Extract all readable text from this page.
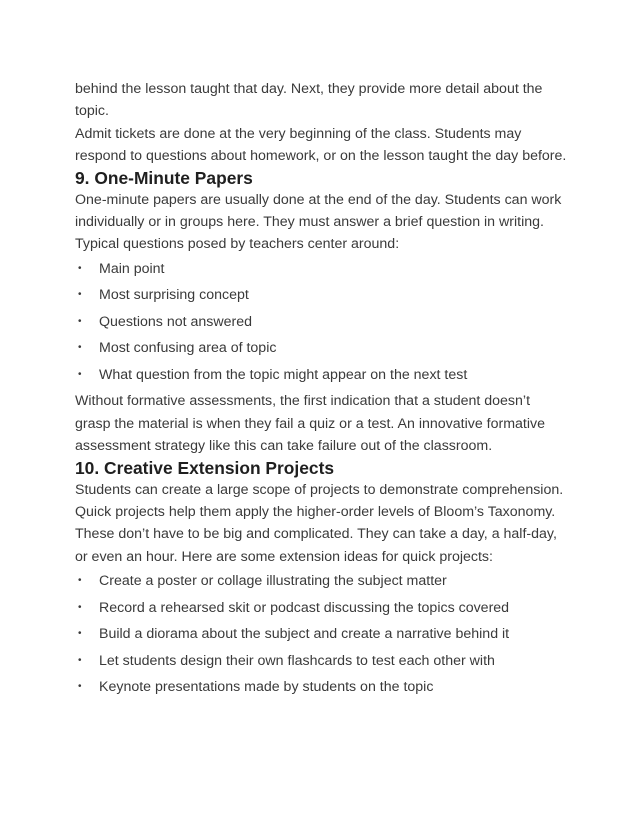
behind the lesson taught that day. Next, they provide more detail about the
topic.

Admit tickets are done at the very beginning of the class. Students may
respond to questions about homework, or on the lesson taught the day before.

9. One-Minute Papers

One-minute papers are usually done at the end of the day. Students can work
individually or in groups here. They must answer a brief question in writing.
Typical questions posed by teachers center around:

• Main point
• Most surprising concept
• Questions not answered
• Most confusing area of topic
• What question from the topic might appear on the next test

Without formative assessments, the first indication that a student doesn’t
grasp the material is when they fail a quiz or a test. An innovative formative
assessment strategy like this can take failure out of the classroom.

10. Creative Extension Projects

Students can create a large scope of projects to demonstrate comprehension.
Quick projects help them apply the higher-order levels of Bloom’s Taxonomy.
These don’t have to be big and complicated. They can take a day, a half-day,
or even an hour. Here are some extension ideas for quick projects:

• Create a poster or collage illustrating the subject matter
• Record a rehearsed skit or podcast discussing the topics covered
• Build a diorama about the subject and create a narrative behind it
• Let students design their own flashcards to test each other with
• Keynote presentations made by students on the topic
